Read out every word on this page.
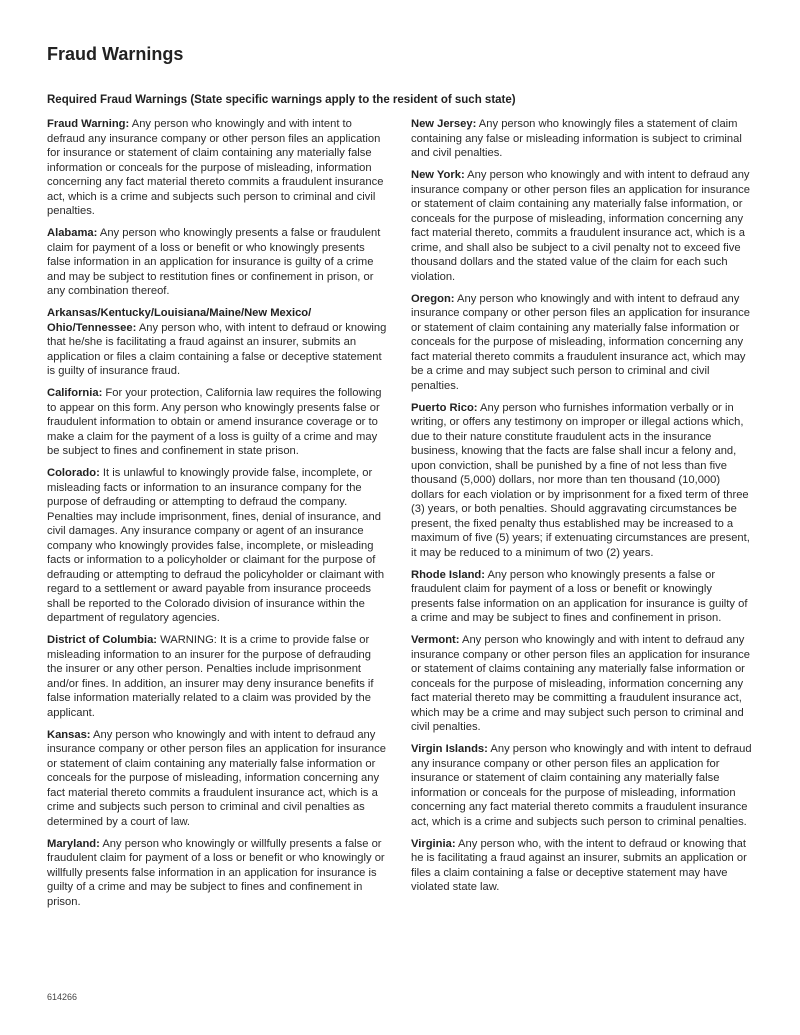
Fraud Warnings

Required Fraud Warnings (State specific warnings apply to the resident of such state)

Fraud Warning: Any person who knowingly and with intent to defraud any insurance company or other person files an application for insurance or statement of claim containing any materially false information or conceals for the purpose of misleading, information concerning any fact material thereto commits a fraudulent insurance act, which is a crime and subjects such person to criminal and civil penalties.

Alabama: Any person who knowingly presents a false or fraudulent claim for payment of a loss or benefit or who knowingly presents false information in an application for insurance is guilty of a crime and may be subject to restitution fines or confinement in prison, or any combination thereof.

Arkansas/Kentucky/Louisiana/Maine/New Mexico/ Ohio/Tennessee: Any person who, with intent to defraud or knowing that he/she is facilitating a fraud against an insurer, submits an application or files a claim containing a false or deceptive statement is guilty of insurance fraud.

California: For your protection, California law requires the following to appear on this form. Any person who knowingly presents false or fraudulent information to obtain or amend insurance coverage or to make a claim for the payment of a loss is guilty of a crime and may be subject to fines and confinement in state prison.

Colorado: It is unlawful to knowingly provide false, incomplete, or misleading facts or information to an insurance company for the purpose of defrauding or attempting to defraud the company. Penalties may include imprisonment, fines, denial of insurance, and civil damages. Any insurance company or agent of an insurance company who knowingly provides false, incomplete, or misleading facts or information to a policyholder or claimant for the purpose of defrauding or attempting to defraud the policyholder or claimant with regard to a settlement or award payable from insurance proceeds shall be reported to the Colorado division of insurance within the department of regulatory agencies.

District of Columbia: WARNING: It is a crime to provide false or misleading information to an insurer for the purpose of defrauding the insurer or any other person. Penalties include imprisonment and/or fines. In addition, an insurer may deny insurance benefits if false information materially related to a claim was provided by the applicant.

Kansas: Any person who knowingly and with intent to defraud any insurance company or other person files an application for insurance or statement of claim containing any materially false information or conceals for the purpose of misleading, information concerning any fact material thereto commits a fraudulent insurance act, which is a crime and subjects such person to criminal and civil penalties as determined by a court of law.

Maryland: Any person who knowingly or willfully presents a false or fraudulent claim for payment of a loss or benefit or who knowingly or willfully presents false information in an application for insurance is guilty of a crime and may be subject to fines and confinement in prison.

New Jersey: Any person who knowingly files a statement of claim containing any false or misleading information is subject to criminal and civil penalties.

New York: Any person who knowingly and with intent to defraud any insurance company or other person files an application for insurance or statement of claim containing any materially false information, or conceals for the purpose of misleading, information concerning any fact material thereto, commits a fraudulent insurance act, which is a crime, and shall also be subject to a civil penalty not to exceed five thousand dollars and the stated value of the claim for each such violation.

Oregon: Any person who knowingly and with intent to defraud any insurance company or other person files an application for insurance or statement of claim containing any materially false information or conceals for the purpose of misleading, information concerning any fact material thereto commits a fraudulent insurance act, which may be a crime and may subject such person to criminal and civil penalties.

Puerto Rico: Any person who furnishes information verbally or in writing, or offers any testimony on improper or illegal actions which, due to their nature constitute fraudulent acts in the insurance business, knowing that the facts are false shall incur a felony and, upon conviction, shall be punished by a fine of not less than five thousand (5,000) dollars, nor more than ten thousand (10,000) dollars for each violation or by imprisonment for a fixed term of three (3) years, or both penalties. Should aggravating circumstances be present, the fixed penalty thus established may be increased to a maximum of five (5) years; if extenuating circumstances are present, it may be reduced to a minimum of two (2) years.

Rhode Island: Any person who knowingly presents a false or fraudulent claim for payment of a loss or benefit or knowingly presents false information on an application for insurance is guilty of a crime and may be subject to fines and confinement in prison.

Vermont: Any person who knowingly and with intent to defraud any insurance company or other person files an application for insurance or statement of claims containing any materially false information or conceals for the purpose of misleading, information concerning any fact material thereto may be committing a fraudulent insurance act, which may be a crime and may subject such person to criminal and civil penalties.

Virgin Islands: Any person who knowingly and with intent to defraud any insurance company or other person files an application for insurance or statement of claim containing any materially false information or conceals for the purpose of misleading, information concerning any fact material thereto commits a fraudulent insurance act, which is a crime and subjects such person to criminal penalties.

Virginia: Any person who, with the intent to defraud or knowing that he is facilitating a fraud against an insurer, submits an application or files a claim containing a false or deceptive statement may have violated state law.

614266
